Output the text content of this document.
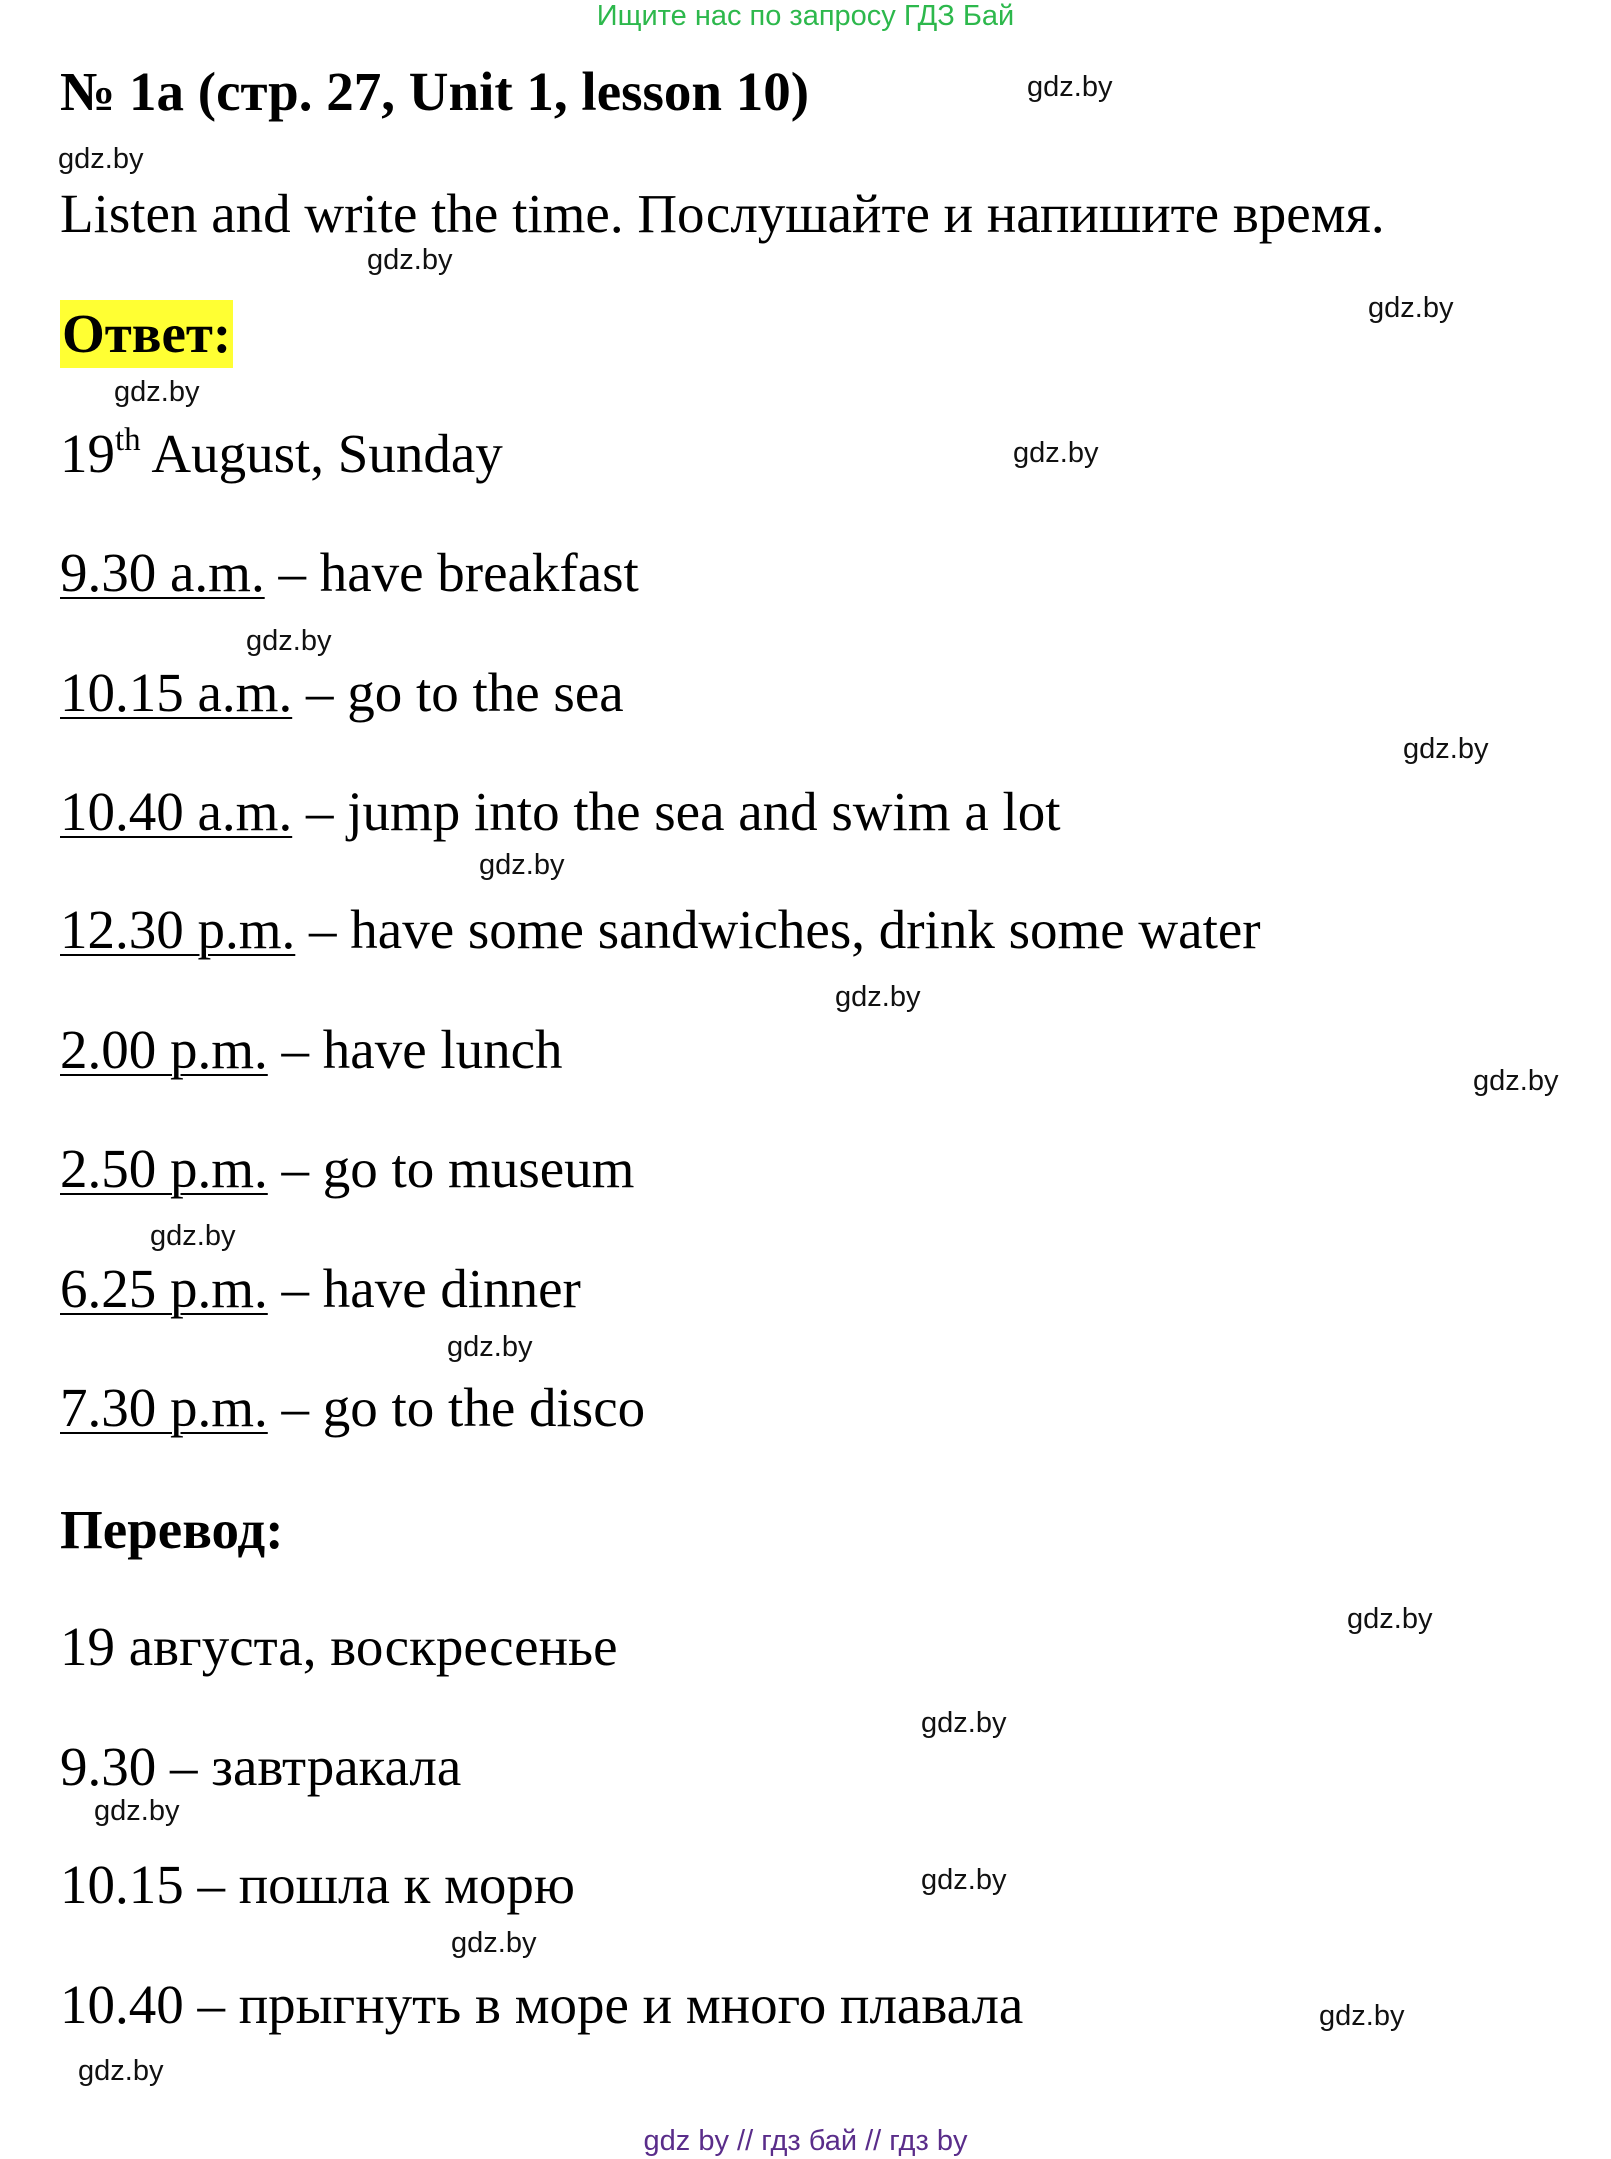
Ищите нас по запросу ГДЗ Бай
№ 1а (стр. 27, Unit 1, lesson 10)
Listen and write the time. Послушайте и напишите время.
Ответ:
19th August, Sunday
9.30 a.m. – have breakfast
10.15 a.m. – go to the sea
10.40 a.m. – jump into the sea and swim a lot
12.30 p.m. – have some sandwiches, drink some water
2.00 p.m. – have lunch
2.50 p.m. – go to museum
6.25 p.m. – have dinner
7.30 p.m. – go to the disco
Перевод:
19 августа, воскресенье
9.30 – завтракала
10.15 – пошла к морю
10.40 – прыгнуть в море и много плавала
gdz.by
gdz.by
gdz.by
gdz.by
gdz.by
gdz.by
gdz.by
gdz.by
gdz.by
gdz.by
gdz.by
gdz.by
gdz.by
gdz.by
gdz.by
gdz.by
gdz.by
gdz.by
gdz.by
gdz.by
gdz by // гдз бай // гдз by
